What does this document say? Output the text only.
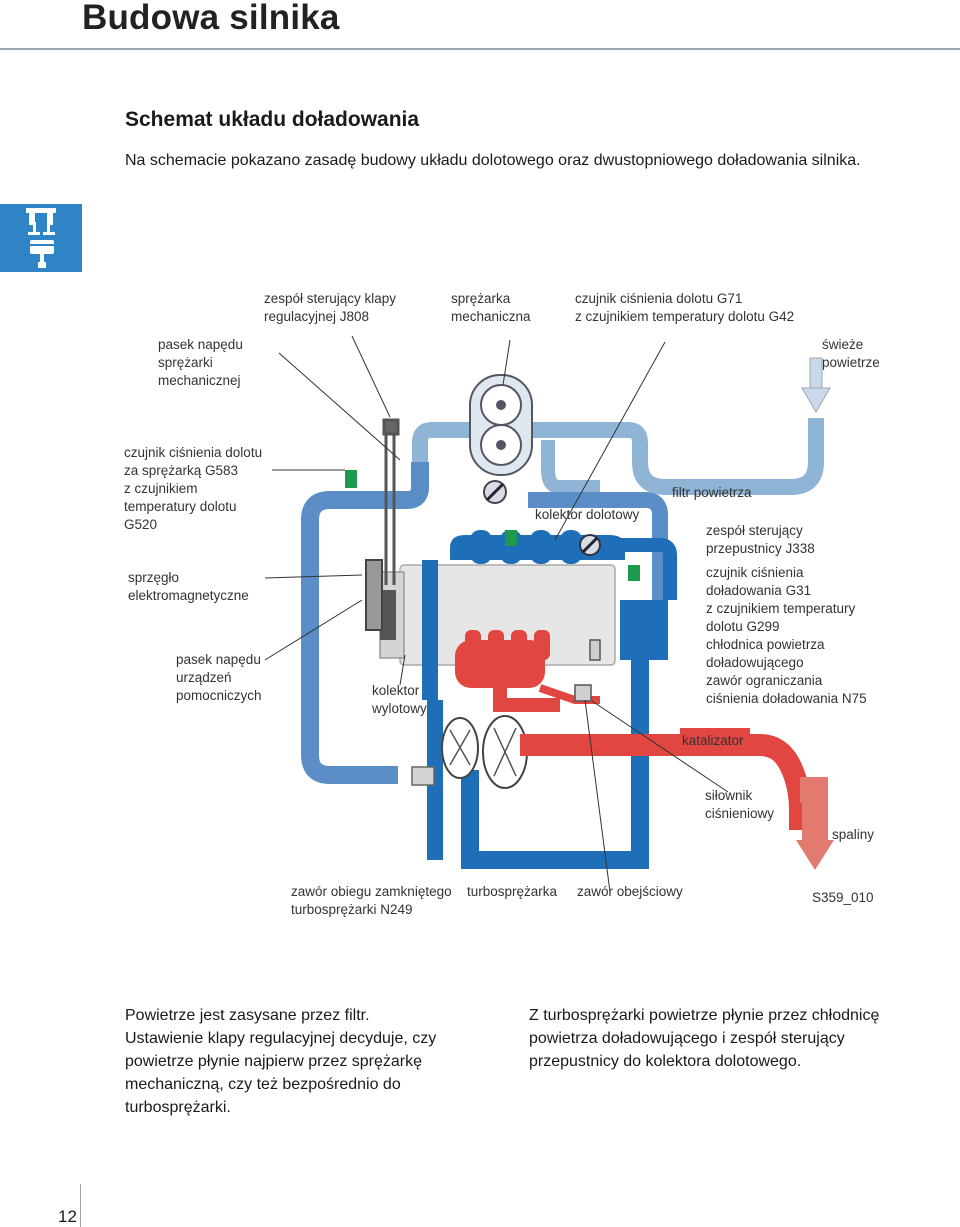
Budowa silnika
Schemat układu doładowania
Na schemacie pokazano zasadę budowy układu dolotowego oraz dwustopniowego doładowania silnika.
zespół sterujący klapy
regulacyjnej J808
sprężarka
mechaniczna
czujnik ciśnienia dolotu G71
z czujnikiem temperatury dolotu G42
pasek napędu
sprężarki
mechanicznej
świeże
powietrze
czujnik ciśnienia dolotu
za sprężarką G583
z czujnikiem
temperatury dolotu
G520
filtr powietrza
kolektor dolotowy
zespół sterujący
przepustnicy J338
sprzęgło
elektromagnetyczne
czujnik ciśnienia
doładowania G31
z czujnikiem temperatury
dolotu G299
chłodnica powietrza
doładowującego
pasek napędu
urządzeń
pomocniczych
zawór ograniczania
ciśnienia doładowania N75
kolektor
wylotowy
katalizator
siłownik
ciśnieniowy
spaliny
zawór obiegu zamkniętego
turbosprężarki N249
turbosprężarka zawór obejściowy	S359_010
Powietrze jest zasysane przez filtr.
Ustawienie klapy regulacyjnej decyduje, czy
powietrze płynie najpierw przez sprężarkę
mechaniczną, czy też bezpośrednio do
turbosprężarki.
Z turbosprężarki powietrze płynie przez chłodnicę
powietrza doładowującego i zespół sterujący
przepustnicy do kolektora dolotowego.
12
